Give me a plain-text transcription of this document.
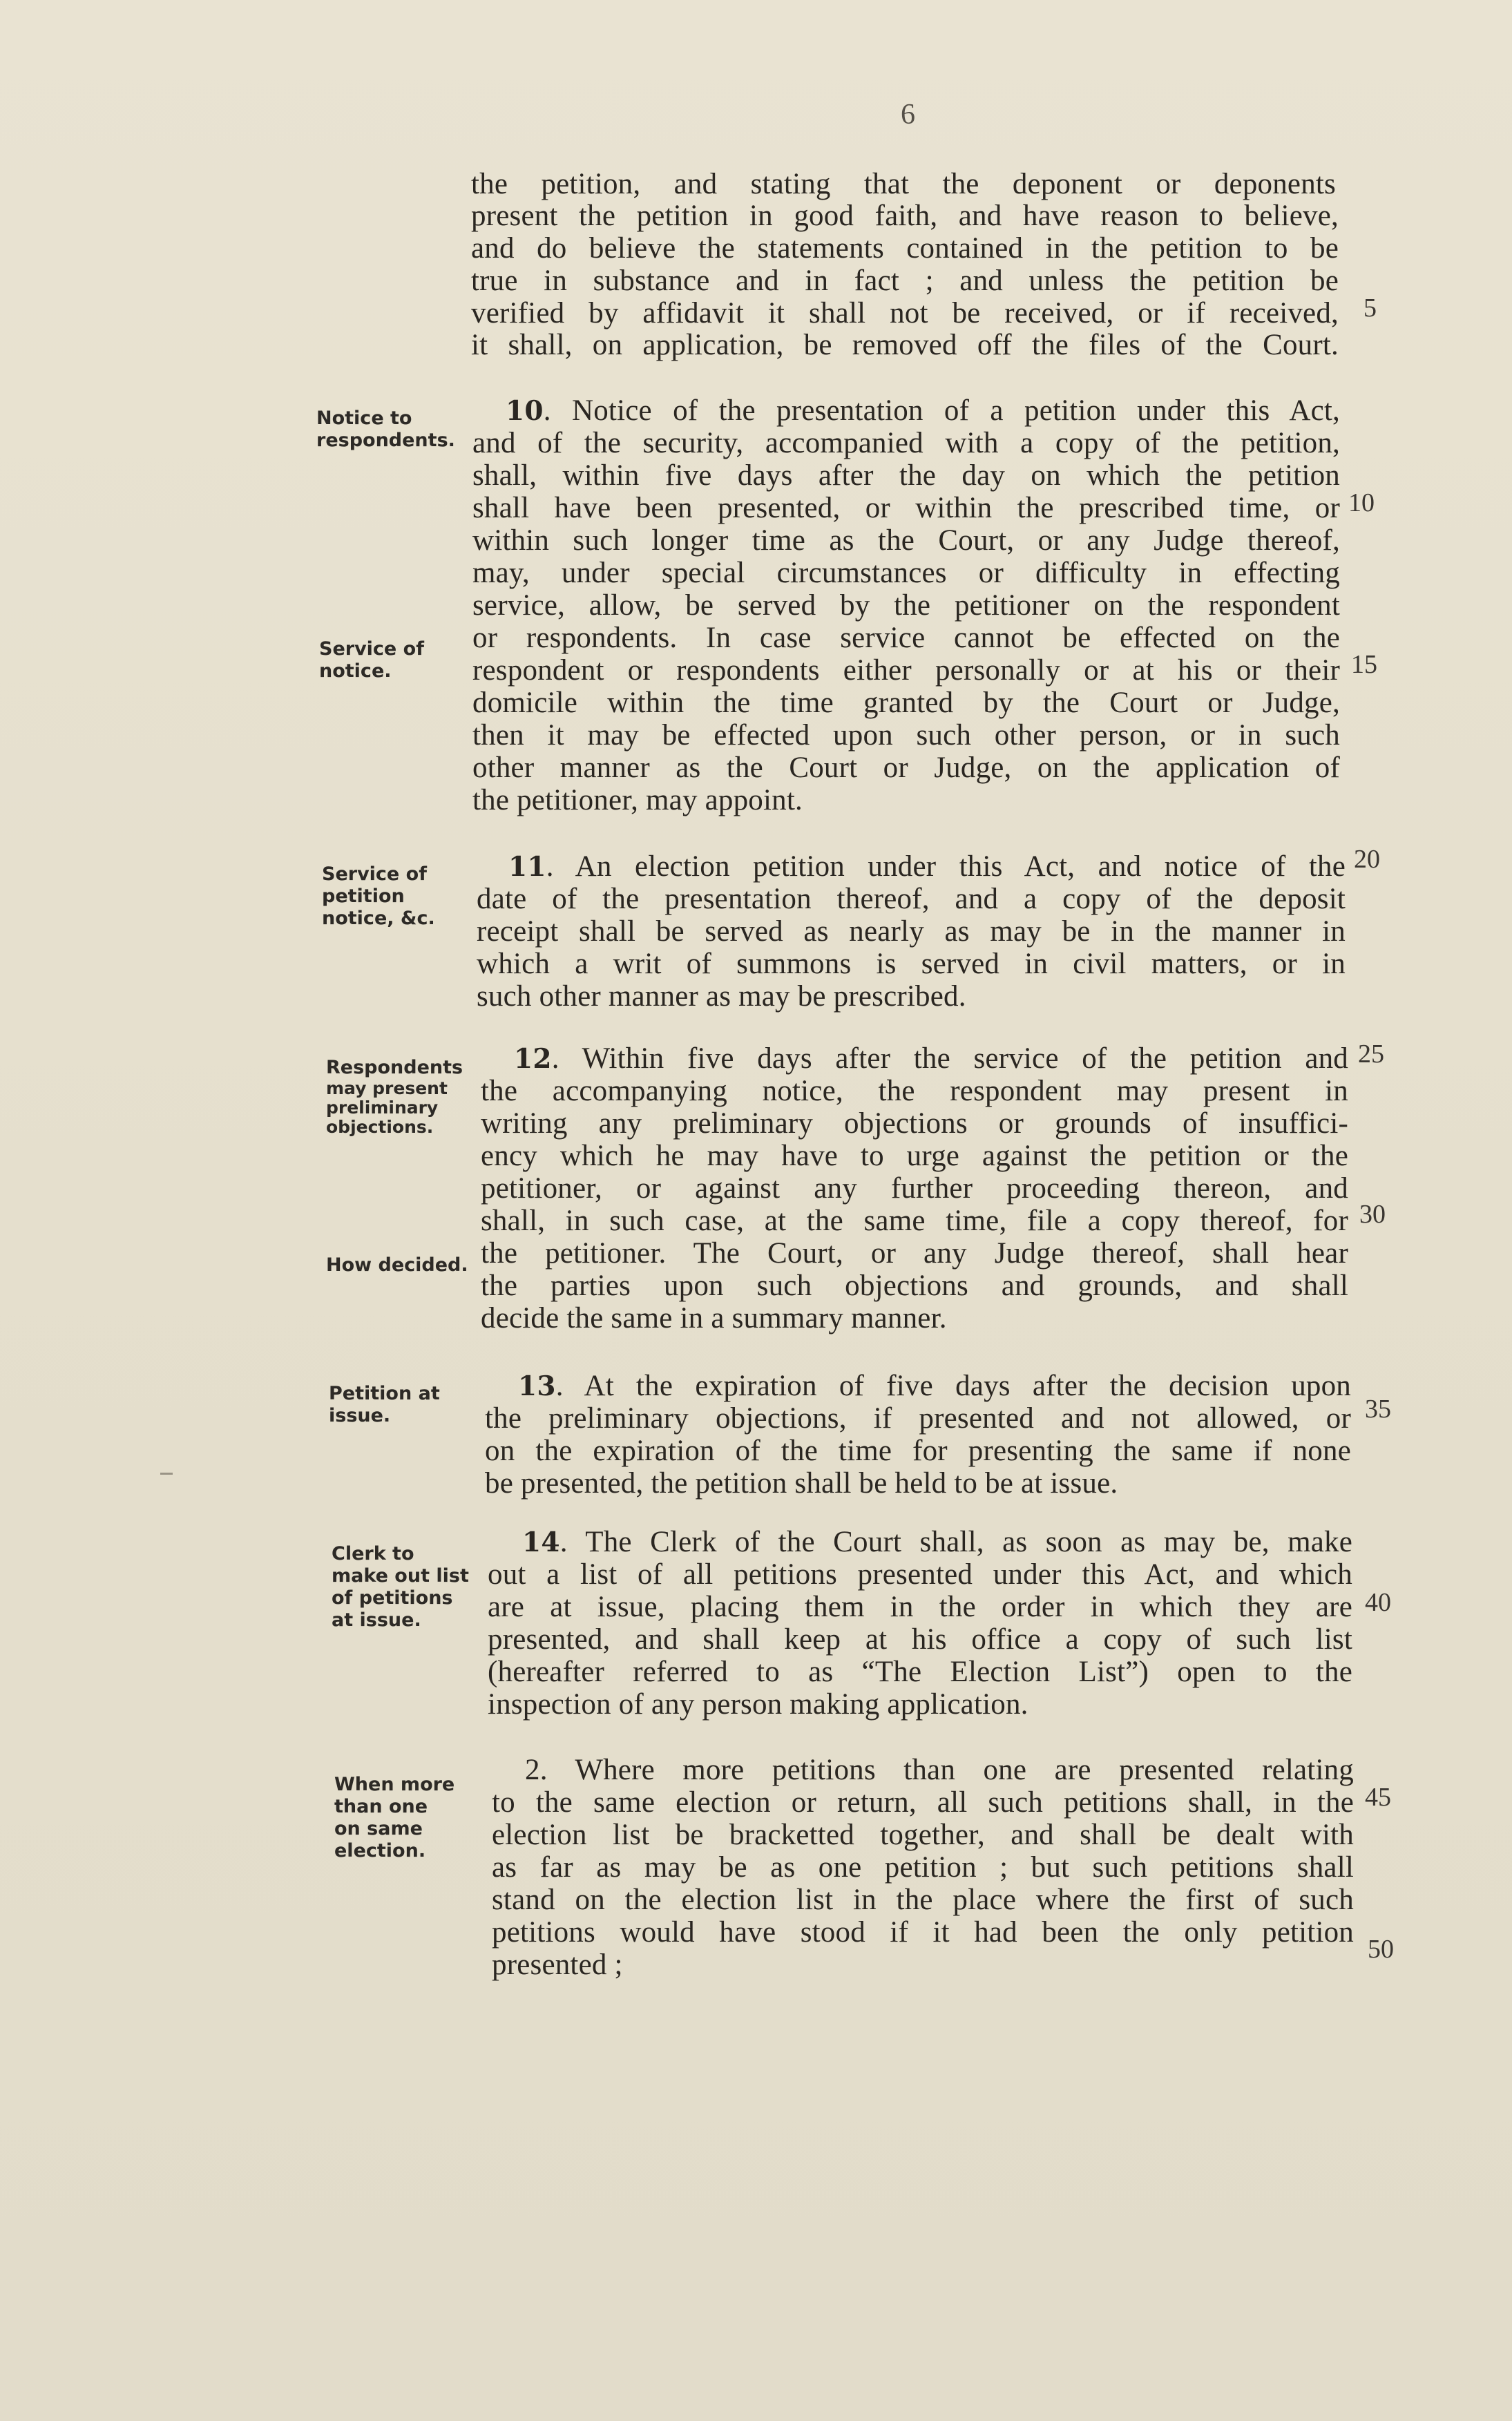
6
the petition, and stating that the deponent or deponents
present the petition in good faith, and have reason to believe,
and do believe the statements contained in the petition to be
true in substance and in fact ; and unless the petition be
verified by affidavit it shall not be received, or if received,
it shall, on application, be removed off the files of the Court.
10. Notice of the presentation of a petition under this Act,
and of the security, accompanied with a copy of the petition,
shall, within five days after the day on which the petition
shall have been presented, or within the prescribed time, or
within such longer time as the Court, or any Judge thereof,
may, under special circumstances or difficulty in effecting
service, allow, be served by the petitioner on the respondent
or respondents. In case service cannot be effected on the
respondent or respondents either personally or at his or their
domicile within the time granted by the Court or Judge,
then it may be effected upon such other person, or in such
other manner as the Court or Judge, on the application of
the petitioner, may appoint.
11. An election petition under this Act, and notice of the
date of the presentation thereof, and a copy of the deposit
receipt shall be served as nearly as may be in the manner in
which a writ of summons is served in civil matters, or in
such other manner as may be prescribed.
12. Within five days after the service of the petition and
the accompanying notice, the respondent may present in
writing any preliminary objections or grounds of insuffici-
ency which he may have to urge against the petition or the
petitioner, or against any further proceeding thereon, and
shall, in such case, at the same time, file a copy thereof, for
the petitioner. The Court, or any Judge thereof, shall hear
the parties upon such objections and grounds, and shall
decide the same in a summary manner.
13. At the expiration of five days after the decision upon
the preliminary objections, if presented and not allowed, or
on the expiration of the time for presenting the same if none
be presented, the petition shall be held to be at issue.
14. The Clerk of the Court shall, as soon as may be, make
out a list of all petitions presented under this Act, and which
are at issue, placing them in the order in which they are
presented, and shall keep at his office a copy of such list
(hereafter referred to as “The Election List”) open to the
inspection of any person making application.
2. Where more petitions than one are presented relating
to the same election or return, all such petitions shall, in the
election list be bracketted together, and shall be dealt with
as far as may be as one petition ; but such petitions shall
stand on the election list in the place where the first of such
petitions would have stood if it had been the only petition
presented ;
Notice to
respondents.
Service of
notice.
Service of
petition
notice, &c.
Respondents
may present
preliminary
objections.
How decided.
Petition at
issue.
Clerk to
make out list
of petitions
at issue.
When more
than one
on same
election.
5
10
15
20
25
30
35
40
45
50
